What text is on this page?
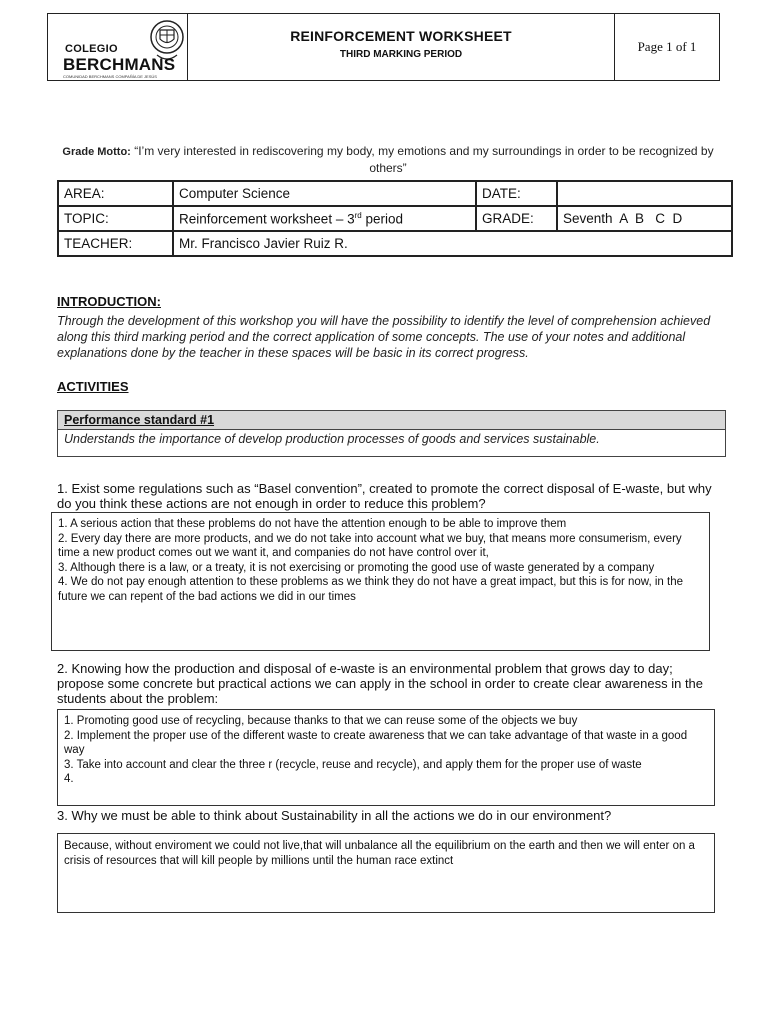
COLEGIO
BERCHMANS
COMUNIDAD BERCHMANS COMPAÑÍA DE JESÚS
REINFORCEMENT WORKSHEET
THIRD MARKING PERIOD
Page 1 of 1
Grade Motto: “I’m very interested in rediscovering my body, my emotions and my surroundings in order to be recognized by others”
AREA:	Computer Science	DATE:	
TOPIC:	Reinforcement worksheet – 3rd period	GRADE:	Seventh  A  B   C  D
TEACHER:	Mr. Francisco Javier Ruiz R.		
INTRODUCTION:
Through the development of this workshop you will have the possibility to identify the level of comprehension achieved along this third marking period and the correct application of some concepts. The use of your notes and additional explanations done by the teacher in these spaces will be basic in its correct progress.
ACTIVITIES
Performance standard #1
Understands the importance of develop production processes of goods and services sustainable.
1. Exist some regulations such as “Basel convention”, created to promote the correct disposal of E-waste, but why do you think these actions are not enough in order to reduce this problem?

1. A serious action that these problems do not have the attention enough to be able to improve them

2. Every day there are more products, and we do not take into account what we buy, that means more consumerism, every time a new product comes out we want it, and companies do not have control over it,

3. Although there is a law, or a treaty, it is not exercising or promoting the good use of waste generated by a company

4. We do not pay enough attention to these problems as we think they do not have a great impact, but this is for now, in the future we can repent of the bad actions we did in our times

2. Knowing how the production and disposal of e-waste is an environmental problem that grows day to day; propose some concrete but practical actions we can apply in the school in order to create clear awareness in the students about the problem:

1. Promoting good use of recycling, because thanks to that we can reuse some of the objects we buy

2. Implement the proper use of the different waste to create awareness that we can take advantage of that waste in a good way

3. Take into account and clear the three r (recycle, reuse and recycle), and apply them for the proper use of waste

4.

3. Why we must be able to think about Sustainability in all the actions we do in our environment?

Because, without enviroment we could not live,that will unbalance all the equilibrium on the earth and then we will enter on a crisis of resources that will kill people by millions until the human race extinct
